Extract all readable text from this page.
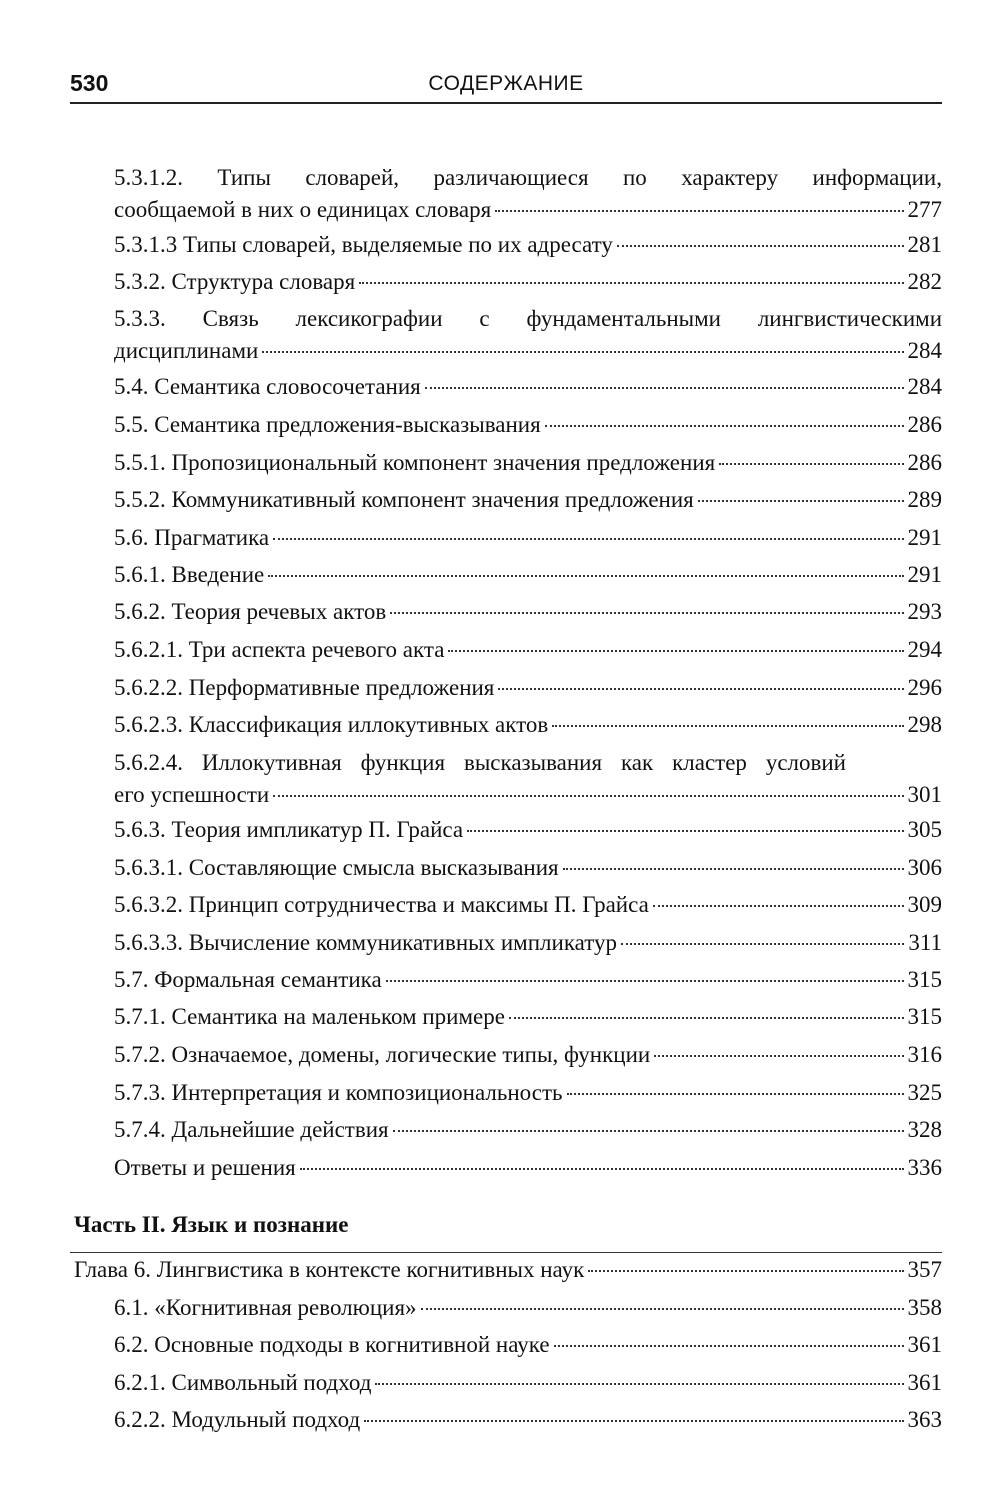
530	СОДЕРЖАНИЕ
5.3.1.2. Типы словарей, различающиеся по характеру информации,
сообщаемой в них о единицах словаря	277
5.3.1.3 Типы словарей, выделяемые по их адресату	281
5.3.2. Структура словаря	282
5.3.3. Связь лексикографии с фундаментальными лингвистическими
дисциплинами	284
5.4. Семантика словосочетания	284
5.5. Семантика предложения-высказывания	286
5.5.1. Пропозициональный компонент значения предложения	286
5.5.2. Коммуникативный компонент значения предложения	289
5.6. Прагматика	291
5.6.1. Введение	291
5.6.2. Теория речевых актов	293
5.6.2.1. Три аспекта речевого акта	294
5.6.2.2. Перформативные предложения	296
5.6.2.3. Классификация иллокутивных актов	298
5.6.2.4. Иллокутивная функция высказывания как кластер условий
его успешности	301
5.6.3. Теория импликатур П. Грайса	305
5.6.3.1. Составляющие смысла высказывания	306
5.6.3.2. Принцип сотрудничества и максимы П. Грайса	309
5.6.3.3. Вычисление коммуникативных импликатур	311
5.7. Формальная семантика	315
5.7.1. Семантика на маленьком примере	315
5.7.2. Означаемое, домены, логические типы, функции	316
5.7.3. Интерпретация и композициональность	325
5.7.4. Дальнейшие действия	328
Ответы и решения	336
Часть II. Язык и познание
Глава 6. Лингвистика в контексте когнитивных наук	357
6.1. «Когнитивная революция»	358
6.2. Основные подходы в когнитивной науке	361
6.2.1. Символьный подход	361
6.2.2. Модульный подход	363
